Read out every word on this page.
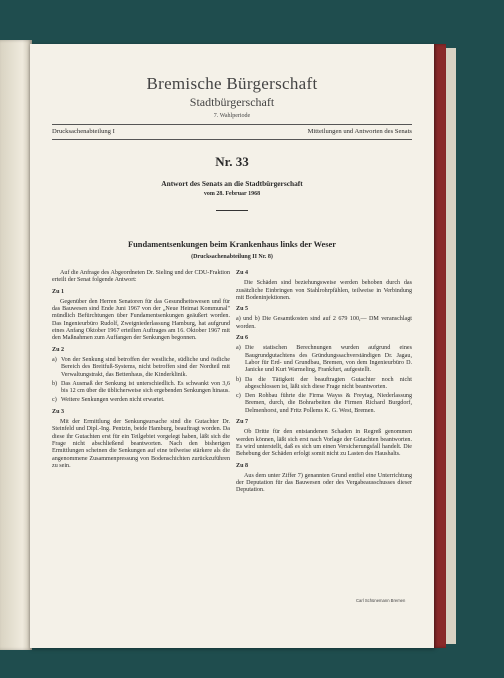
Bremische Bürgerschaft
Stadtbürgerschaft
7. Wahlperiode
Drucksachenabteilung I	Mitteilungen und Antworten des Senats
Nr. 33
Antwort des Senats an die Stadtbürgerschaft
vom 28. Februar 1968
Fundamentsenkungen beim Krankenhaus links der Weser
(Drucksachenabteilung II Nr. 8)

Auf die Anfrage des Abgeordneten Dr. Sieling und der CDU-Fraktion erteilt der Senat folgende Antwort:

Zu 1

Gegenüber den Herren Senatoren für das Gesundheitswesen und für das Bauwesen sind Ende Juni 1967 von der „Neue Heimat Kommunal" mündlich Befürchtungen über Fundamentsenkungen geäußert worden. Das Ingenieurbüro Rudolf, Zweigniederlassung Hamburg, hat aufgrund eines Anfang Oktober 1967 erteilten Auftrages am 16. Oktober 1967 mit den Maßnahmen zum Auffangen der Senkungen begonnen.

Zu 2
a) Von der Senkung sind betroffen der westliche, südliche und östliche Bereich des Breitfuß-Systems, nicht betroffen sind der Nordteil mit Verwaltungstrakt, das Bettenhaus, die Kinderklinik.
b) Das Ausmaß der Senkung ist unterschiedlich. Es schwankt von 3,6 bis 12 cm über die üblicherweise sich ergebenden Senkungen hinaus.
c) Weitere Senkungen werden nicht erwartet.
Zu 3

Mit der Ermittlung der Senkungsursache sind die Gutachter Dr. Steinfeld und Dipl.-Ing. Pentzin, beide Hamburg, beauftragt worden. Da diese ihr Gutachten erst für ein Teilgebiet vorgelegt haben, läßt sich die Frage nicht abschließend beantworten. Nach den bisherigen Ermittlungen scheinen die Senkungen auf eine teilweise stärkere als die angenommene Zusammenpressung von Bodenschichten zurückzuführen zu sein.

Zu 4

Die Schäden sind beziehungsweise werden behoben durch das zusätzliche Einbringen von Stahlrohrpfählen, teilweise in Verbindung mit Bodeninjektionen.

Zu 5

a) und b) Die Gesamtkosten sind auf 2 679 100,— DM veranschlagt worden.

Zu 6
a) Die statischen Berechnungen wurden aufgrund eines Baugrundgutachtens des Gründungssachverständigen Dr. Jagau, Labor für Erd- und Grundbau, Bremen, von dem Ingenieurbüro D. Janicke und Kurt Warmeling, Frankfurt, aufgestellt.
b) Da die Tätigkeit der beauftragten Gutachter noch nicht abgeschlossen ist, läßt sich diese Frage nicht beantworten.
c) Den Rohbau führte die Firma Wayss & Freytag, Niederlassung Bremen, durch, die Bohrarbeiten die Firmen Richard Burgdorf, Delmenhorst, und Fritz Pollems K. G. West, Bremen.
Zu 7

Ob Dritte für den entstandenen Schaden in Regreß genommen werden können, läßt sich erst nach Vorlage der Gutachten beantworten. Es wird unterstellt, daß es sich um einen Versicherungsfall handelt. Die Behebung der Schäden erfolgt somit nicht zu Lasten des Haushalts.

Zu 8

Aus dem unter Ziffer 7) genannten Grund entfiel eine Unterrichtung der Deputation für das Bauwesen oder des Vergabeausschusses dieser Deputation.

Carl Schünemann Bremen
